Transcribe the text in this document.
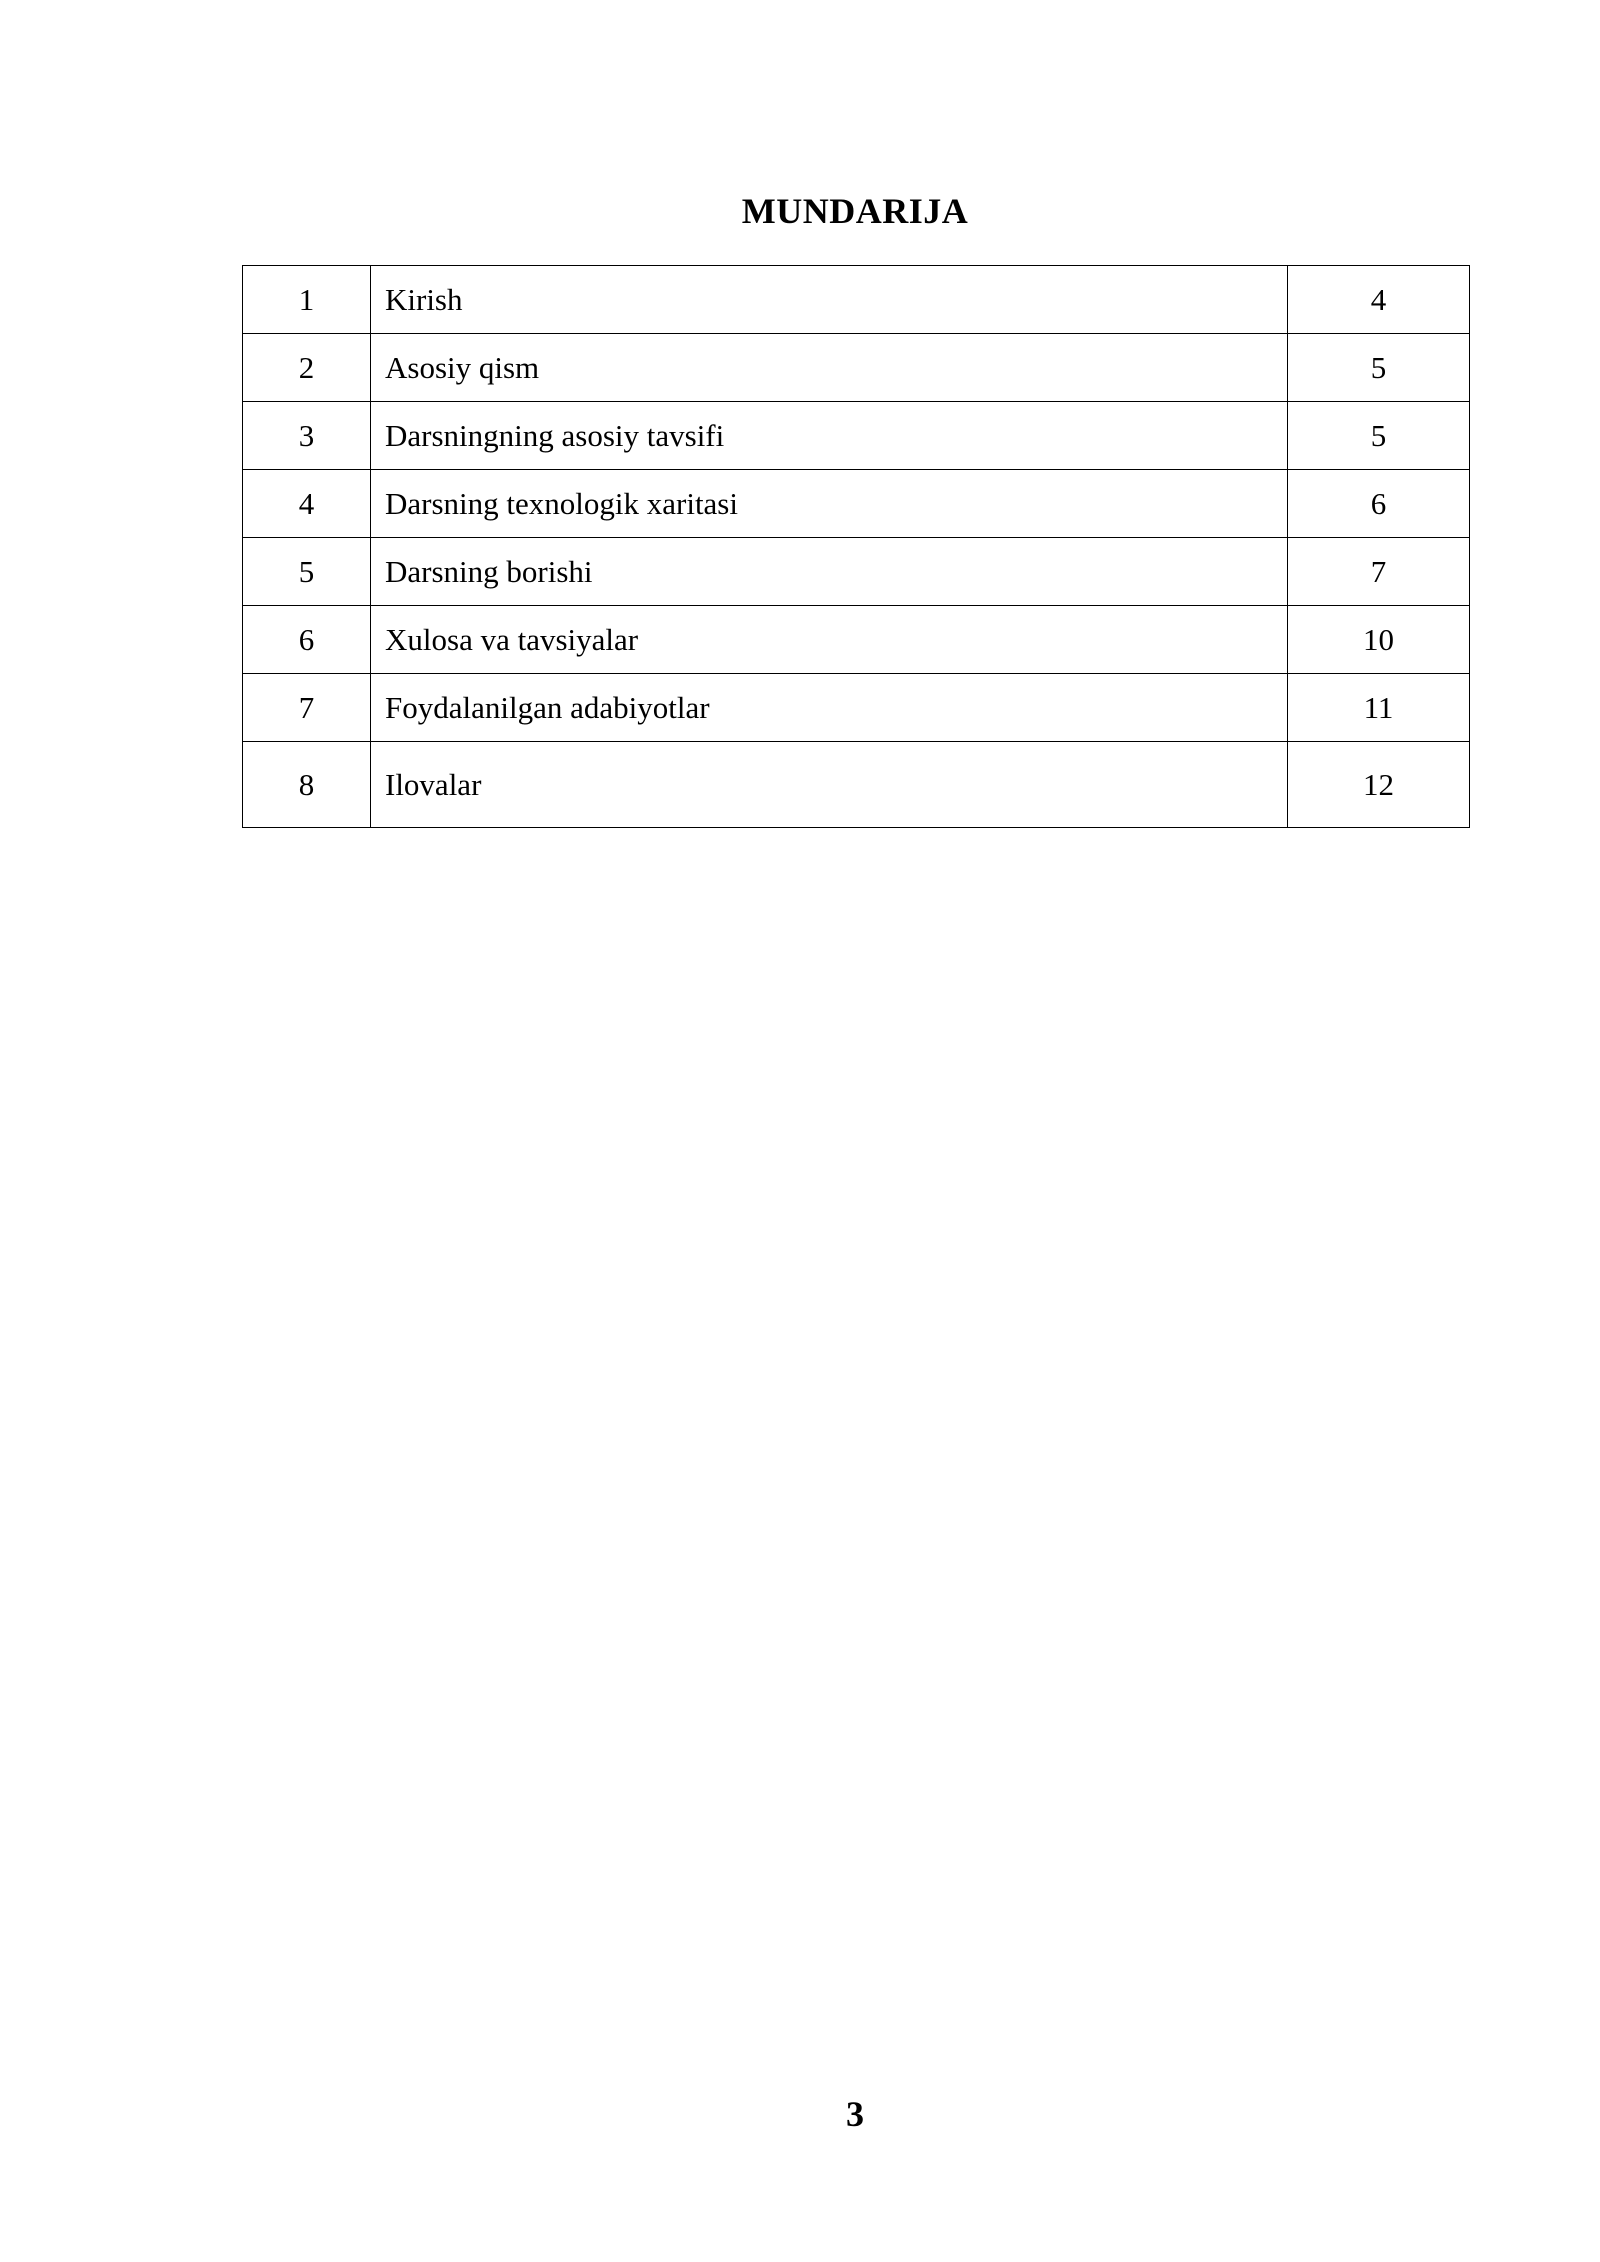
MUNDARIJA
1	Kirish	4
2	Asosiy qism	5
3	Darsningning asosiy tavsifi	5
4	Darsning texnologik xaritasi	6
5	Darsning borishi	7
6	Xulosa va tavsiyalar	10
7	Foydalanilgan adabiyotlar	11
8	Ilovalar	12
3
